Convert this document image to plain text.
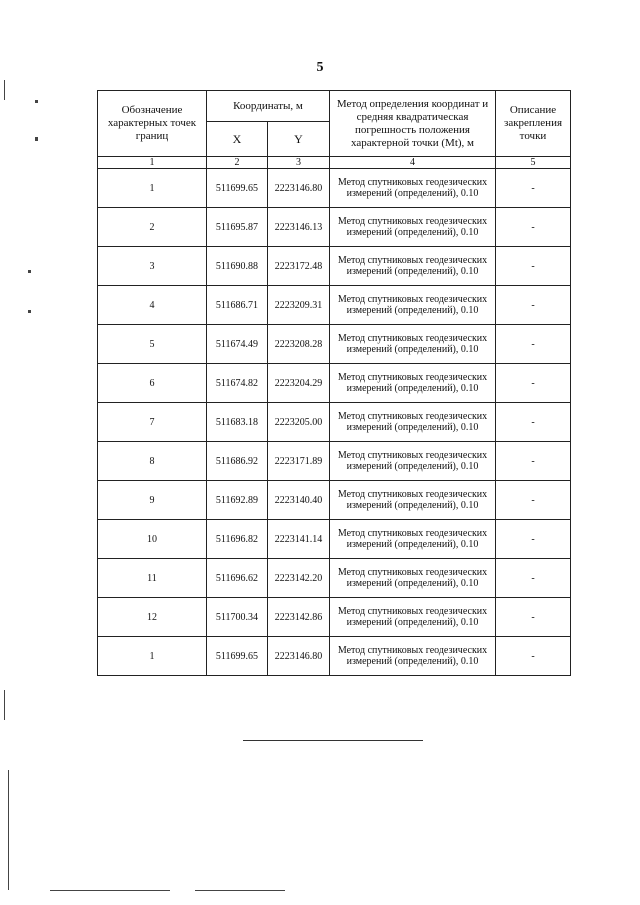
5
Обозначение характерных точек границ	Координаты, м		Метод определения координат и средняя квадратическая погрешность положения характерной точки (Mt), м	Описание закрепления точки
	X	Y		
1	2	3	4	5
1	511699.65	2223146.80	Метод спутниковых геодезических измерений (определений), 0.10	-
2	511695.87	2223146.13	Метод спутниковых геодезических измерений (определений), 0.10	-
3	511690.88	2223172.48	Метод спутниковых геодезических измерений (определений), 0.10	-
4	511686.71	2223209.31	Метод спутниковых геодезических измерений (определений), 0.10	-
5	511674.49	2223208.28	Метод спутниковых геодезических измерений (определений), 0.10	-
6	511674.82	2223204.29	Метод спутниковых геодезических измерений (определений), 0.10	-
7	511683.18	2223205.00	Метод спутниковых геодезических измерений (определений), 0.10	-
8	511686.92	2223171.89	Метод спутниковых геодезических измерений (определений), 0.10	-
9	511692.89	2223140.40	Метод спутниковых геодезических измерений (определений), 0.10	-
10	511696.82	2223141.14	Метод спутниковых геодезических измерений (определений), 0.10	-
11	511696.62	2223142.20	Метод спутниковых геодезических измерений (определений), 0.10	-
12	511700.34	2223142.86	Метод спутниковых геодезических измерений (определений), 0.10	-
1	511699.65	2223146.80	Метод спутниковых геодезических измерений (определений), 0.10	-
